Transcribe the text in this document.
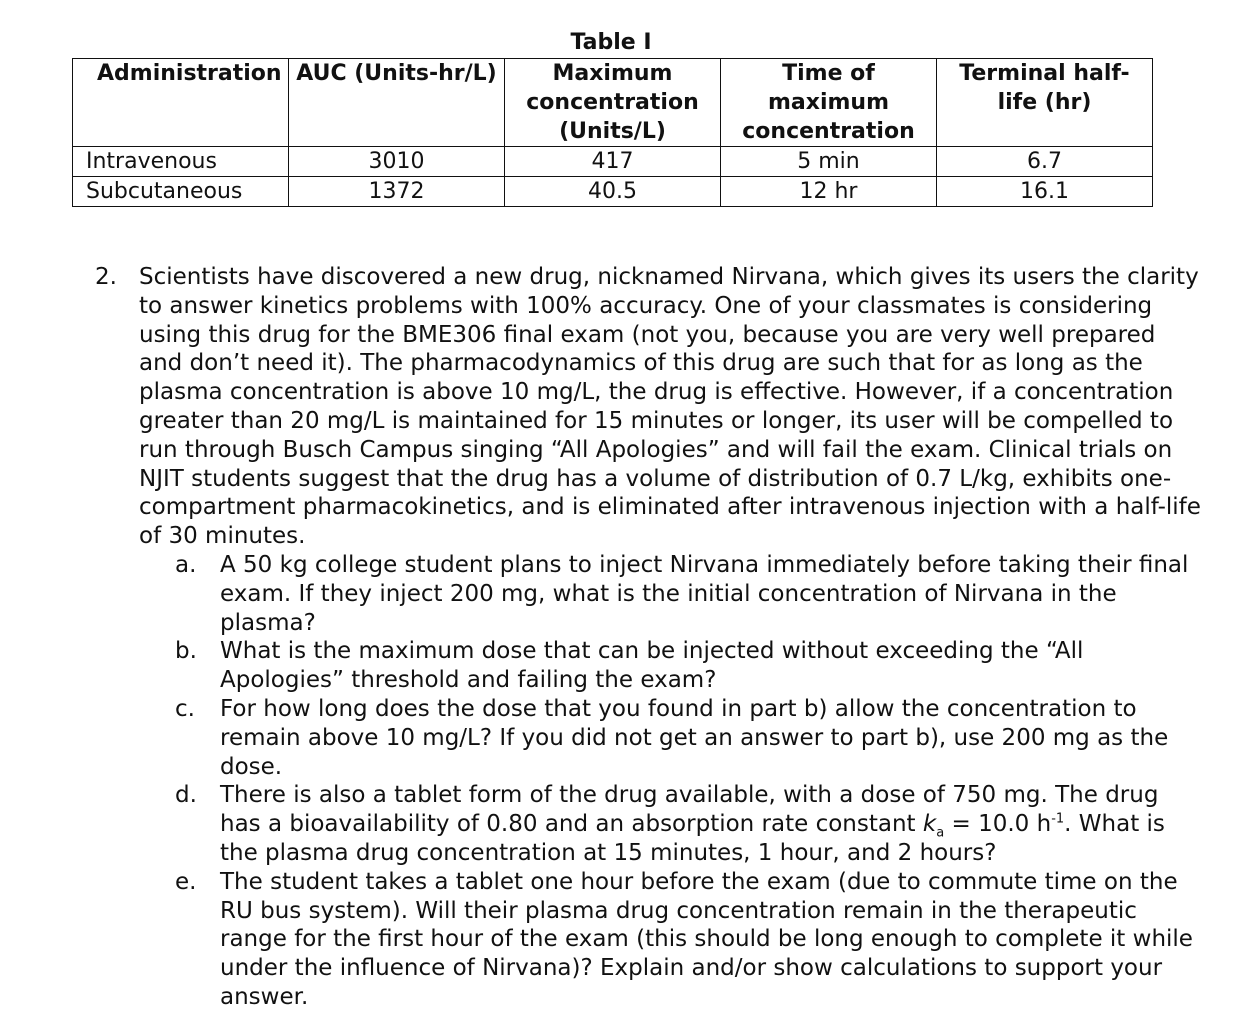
Table I
Administration	AUC (Units-hr/L)	Maximum concentration (Units/L)	Time of maximum concentration	Terminal half-life (hr)
Intravenous	3010	417	5 min	6.7
Subcutaneous	1372	40.5	12 hr	16.1
2. Scientists have discovered a new drug, nicknamed Nirvana, which gives its users the clarity to answer kinetics problems with 100% accuracy. One of your classmates is considering using this drug for the BME306 final exam (not you, because you are very well prepared and don’t need it). The pharmacodynamics of this drug are such that for as long as the plasma concentration is above 10 mg/L, the drug is effective. However, if a concentration greater than 20 mg/L is maintained for 15 minutes or longer, its user will be compelled to run through Busch Campus singing “All Apologies” and will fail the exam. Clinical trials on NJIT students suggest that the drug has a volume of distribution of 0.7 L/kg, exhibits one-compartment pharmacokinetics, and is eliminated after intravenous injection with a half-life of 30 minutes.
a.	A 50 kg college student plans to inject Nirvana immediately before taking their final exam. If they inject 200 mg, what is the initial concentration of Nirvana in the plasma?
b.	What is the maximum dose that can be injected without exceeding the “All Apologies” threshold and failing the exam?
c.	For how long does the dose that you found in part b) allow the concentration to remain above 10 mg/L? If you did not get an answer to part b), use 200 mg as the dose.
d.	There is also a tablet form of the drug available, with a dose of 750 mg. The drug has a bioavailability of 0.80 and an absorption rate constant $k_a = 10.0$ $h^{-1}$. What is the plasma drug concentration at 15 minutes, 1 hour, and 2 hours?
e.	The student takes a tablet one hour before the exam (due to commute time on the RU bus system). Will their plasma drug concentration remain in the therapeutic range for the first hour of the exam (this should be long enough to complete it while under the influence of Nirvana)? Explain and/or show calculations to support your answer.
